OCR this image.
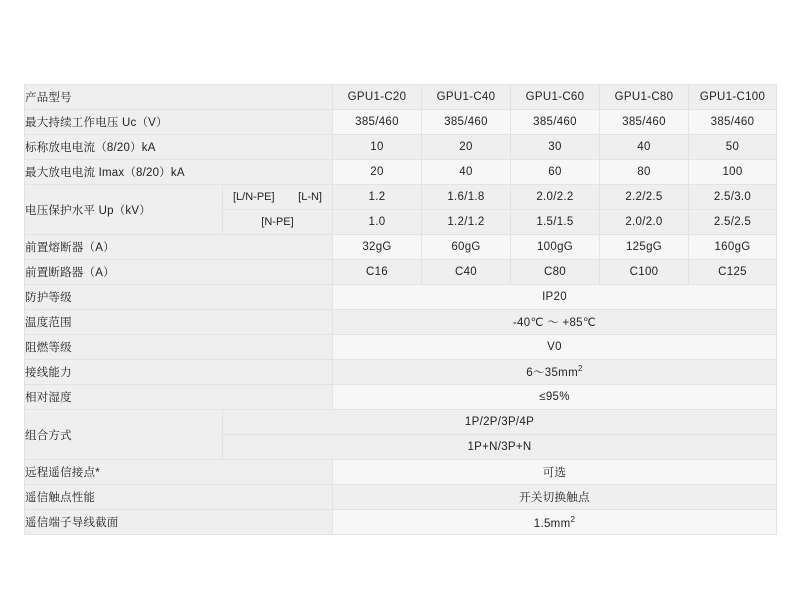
产品型号		GPU1-C20	GPU1-C40	GPU1-C60	GPU1-C80	GPU1-C100
最大持续工作电压 Uc（V）		385/460	385/460	385/460	385/460	385/460
标称放电电流（8/20）kA		10	20	30	40	50
最大放电电流 Imax（8/20）kA		20	40	60	80	100
电压保护水平 Up（kV）	[L/N-PE] [L-N]	1.2	1.6/1.8	2.0/2.2	2.2/2.5	2.5/3.0
	[N-PE]	1.0	1.2/1.2	1.5/1.5	2.0/2.0	2.5/2.5
前置熔断器（A）		32gG	60gG	100gG	125gG	160gG
前置断路器（A）		C16	C40	C80	C100	C125
防护等级		IP20				
温度范围		-40℃ ～ +85℃				
阻燃等级		V0				
接线能力		$6\sim 35mm^2$
相对湿度		≤95%				
组合方式	1P/2P/3P/4P					
	1P+N/3P+N					
远程遥信接点*		可选				
遥信触点性能		开关切换触点				
遥信端子导线截面		$1.5mm^2$
